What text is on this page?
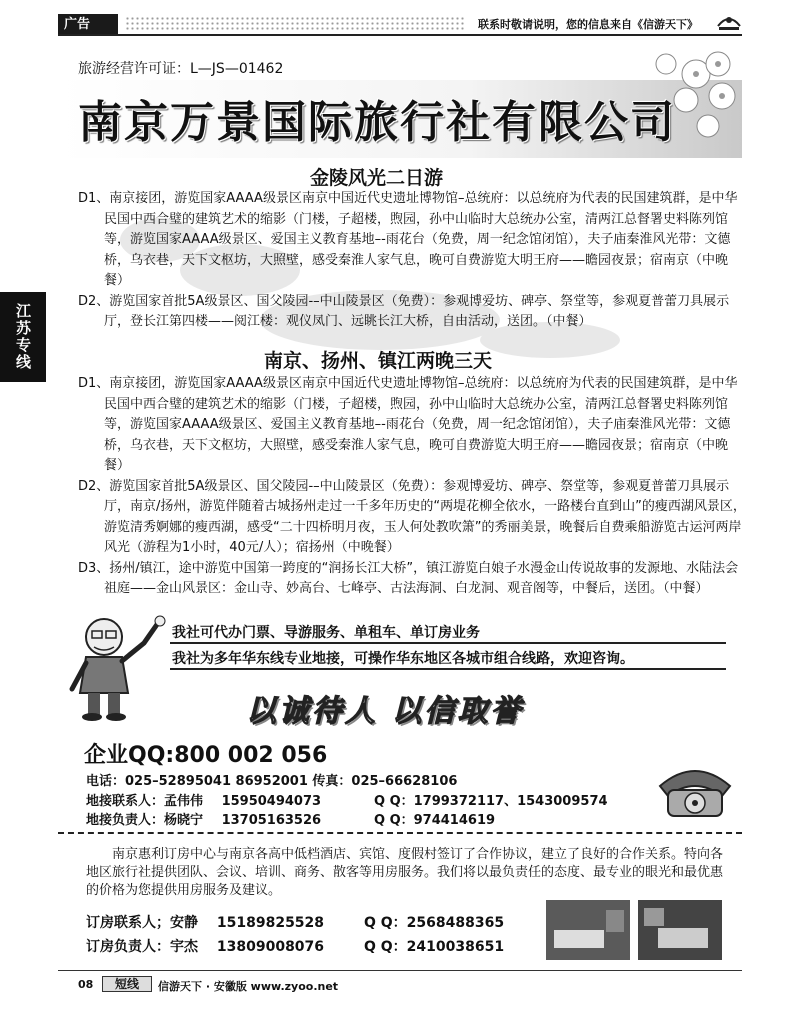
广告	联系时敬请说明，您的信息来自《信游天下》
旅游经营许可证：L—JS—01462
南京万景国际旅行社有限公司
江苏专线
金陵风光二日游

D1、南京接团，游览国家AAAA级景区南京中国近代史遗址博物馆–总统府：以总统府为代表的民国建筑群，是中华民国中西合璧的建筑艺术的缩影（门楼，子超楼，煦园，孙中山临时大总统办公室，清两江总督署史料陈列馆等，游览国家AAAA级景区、爱国主义教育基地–-雨花台（免费，周一纪念馆闭馆），夫子庙秦淮风光带：文德桥，乌衣巷，天下文枢坊，大照壁，感受秦淮人家气息，晚可自费游览大明王府——瞻园夜景；宿南京（中晚餐）

D2、游览国家首批5A级景区、国父陵园-–中山陵景区（免费）：参观博爱坊、碑亭、祭堂等，参观夏普蕾刀具展示厅，登长江第四楼——阅江楼：观仪凤门、远眺长江大桥，自由活动，送团。（中餐）

南京、扬州、镇江两晚三天

D1、南京接团，游览国家AAAA级景区南京中国近代史遗址博物馆–总统府：以总统府为代表的民国建筑群，是中华民国中西合璧的建筑艺术的缩影（门楼，子超楼，煦园，孙中山临时大总统办公室，清两江总督署史料陈列馆等，游览国家AAAA级景区、爱国主义教育基地–-雨花台（免费，周一纪念馆闭馆），夫子庙秦淮风光带：文德桥，乌衣巷，天下文枢坊，大照壁，感受秦淮人家气息，晚可自费游览大明王府——瞻园夜景；宿南京（中晚餐）

D2、游览国家首批5A级景区、国父陵园-–中山陵景区（免费）：参观博爱坊、碑亭、祭堂等，参观夏普蕾刀具展示厅，南京/扬州，游览伴随着古城扬州走过一千多年历史的“两堤花柳全依水，一路楼台直到山”的瘦西湖风景区，游览清秀婀娜的瘦西湖，感受“二十四桥明月夜，玉人何处教吹箫”的秀丽美景，晚餐后自费乘船游览古运河两岸风光（游程为1小时，40元/人）；宿扬州（中晚餐）

D3、扬州/镇江，途中游览中国第一跨度的“润扬长江大桥”，镇江游览白娘子水漫金山传说故事的发源地、水陆法会祖庭——金山风景区：金山寺、妙高台、七峰亭、古法海洞、白龙洞、观音阁等，中餐后，送团。（中餐）

我社可代办门票、导游服务、单租车、单订房业务
我社为多年华东线专业地接，可操作华东地区各城市组合线路，欢迎咨询。
以诚待人 以信取誉
企业QQ:800 002 056
电话：025–52895041 86952001 传真：025–66628106
地接联系人：孟伟伟 15950494073	Q Q：1799372117、1543009574
地接负责人：杨晓宁 13705163526	Q Q：974414619
南京惠利订房中心与南京各高中低档酒店、宾馆、度假村签订了合作协议，建立了良好的合作关系。特向各地区旅行社提供团队、会议、培训、商务、散客等用房服务。我们将以最负责任的态度、最专业的眼光和最优惠的价格为您提供用房服务及建议。
订房联系人；安静 15189825528	Q Q：2568488365
订房负责人：宇杰 13809008076	Q Q：2410038651
08	短线	信游天下 · 安徽版 www.zyoo.net
